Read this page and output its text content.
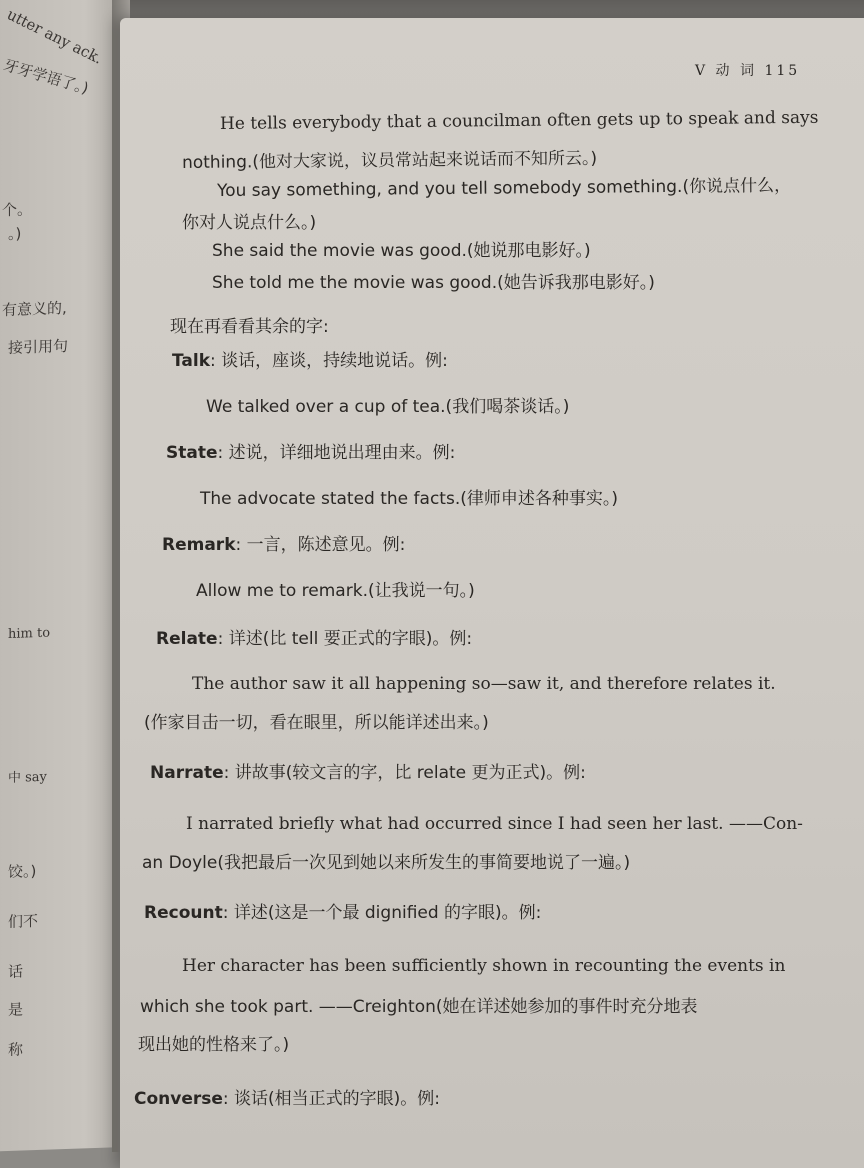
utter any ack.
牙牙学语了。)
个。
。)
有意义的,
接引用句
him to
中 say
饺。)
们不
话
是
称
V 动 词 115
He tells everybody that a councilman often gets up to speak and says
nothing.(他对大家说，议员常站起来说话而不知所云。)
You say something, and you tell somebody something.(你说点什么，
你对人说点什么。)
She said the movie was good.(她说那电影好。)
She told me the movie was good.(她告诉我那电影好。)
现在再看看其余的字:
Talk: 谈话，座谈，持续地说话。例:
We talked over a cup of tea.(我们喝茶谈话。)
State: 述说，详细地说出理由来。例:
The advocate stated the facts.(律师申述各种事实。)
Remark: 一言，陈述意见。例:
Allow me to remark.(让我说一句。)
Relate: 详述(比 tell 要正式的字眼)。例:
The author saw it all happening so—saw it, and therefore relates it.
(作家目击一切，看在眼里，所以能详述出来。)
Narrate: 讲故事(较文言的字，比 relate 更为正式)。例:
I narrated briefly what had occurred since I had seen her last. ——Con-
an Doyle(我把最后一次见到她以来所发生的事简要地说了一遍。)
Recount: 详述(这是一个最 dignified 的字眼)。例:
Her character has been sufficiently shown in recounting the events in
which she took part. ——Creighton(她在详述她参加的事件时充分地表
现出她的性格来了。)
Converse: 谈话(相当正式的字眼)。例:
